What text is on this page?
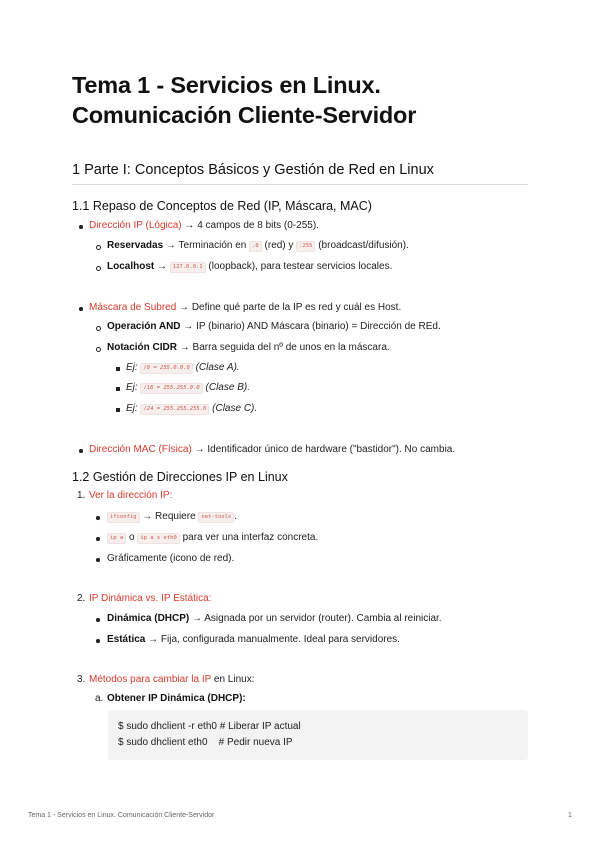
Tema 1 - Servicios en Linux.
Comunicación Cliente-Servidor
1 Parte I: Conceptos Básicos y Gestión de Red en Linux
1.1 Repaso de Conceptos de Red (IP, Máscara, MAC)
Dirección IP (Lógica) → 4 campos de 8 bits (0-255).
Reservadas → Terminación en .0 (red) y .255 (broadcast/difusión).
Localhost → 127.0.0.1 (loopback), para testear servicios locales.
Máscara de Subred → Define qué parte de la IP es red y cuál es Host.
Operación AND → IP (binario) AND Máscara (binario) = Dirección de REd.
Notación CIDR → Barra seguida del nº de unos en la máscara.
Ej: /8 = 255.0.0.0 (Clase A).
Ej: /16 = 255.255.0.0 (Clase B).
Ej: /24 = 255.255.255.0 (Clase C).
Dirección MAC (Física) → Identificador único de hardware ("bastidor"). No cambia.
1.2 Gestión de Direcciones IP en Linux
1. Ver la dirección IP:
ifconfig → Requiere net-tools .
ip a o ip a s eth0 para ver una interfaz concreta.
Gráficamente (icono de red).
2. IP Dinámica vs. IP Estática:
Dinámica (DHCP) → Asignada por un servidor (router). Cambia al reiniciar.
Estática → Fija, configurada manualmente. Ideal para servidores.
3. Métodos para cambiar la IP en Linux:
a. Obtener IP Dinámica (DHCP):
$ sudo dhclient -r eth0 # Liberar IP actual
$ sudo dhclient eth0    # Pedir nueva IP
Tema 1 - Servicios en Linux. Comunicación Cliente-Servidor	1
